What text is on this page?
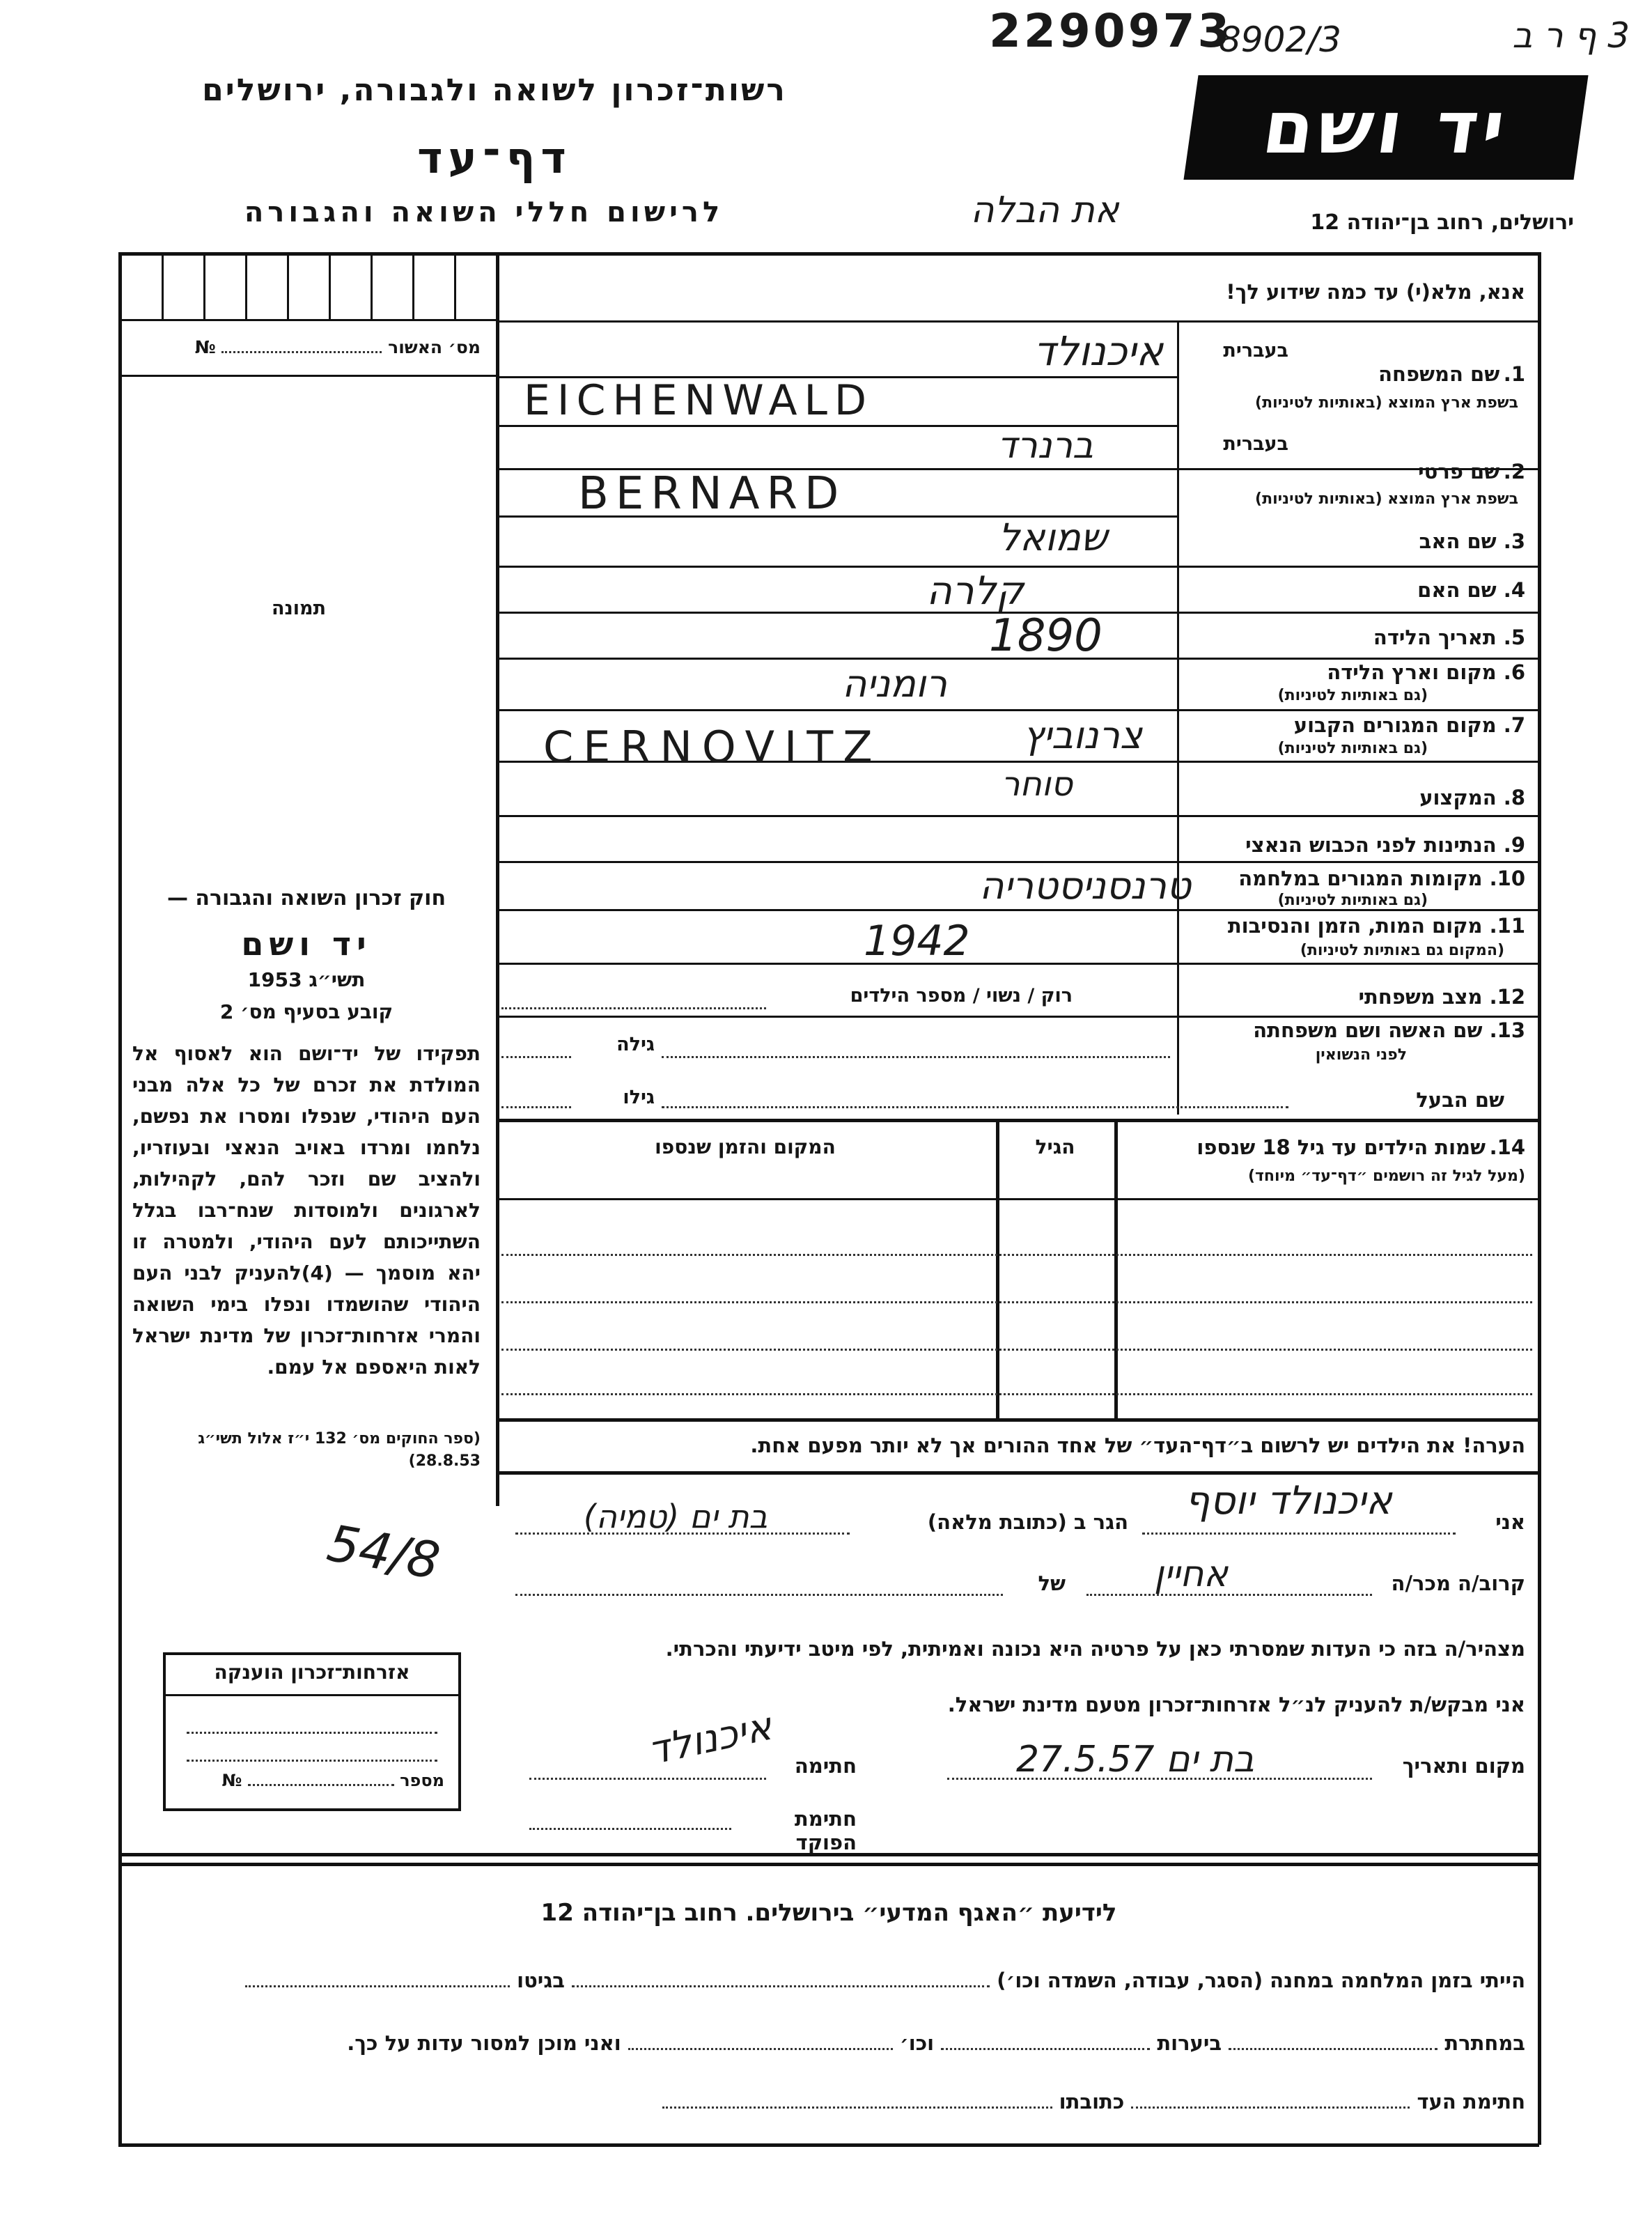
2290973
8902/3	3 ף ר ב
רשות־זכרון לשואה ולגבורה, ירושלים
דף־עד
לרישום חללי השואה והגבורה	את הבלה
יד ושם
ירושלים, רחוב בן־יהודה 12
אנא, מלא(י) עד כמה שידוע לך!
מס׳ האשור  №
תמונה
בעברית
1. שם המשפחה
בשפת ארץ המוצא (באותיות לטיניות)
איכנולד
EICHENWALD
בעברית
2. שם פרטי
בשפת ארץ המוצא (באותיות לטיניות)
ברנרד
BERNARD
3. שם האב
שמואל
4. שם האם
קלרה
5. תאריך הלידה
1890
6. מקום וארץ הלידה
(גם באותיות לטיניות)
רומניה
7. מקום המגורים הקבוע
(גם באותיות לטיניות)
צרנוביץ
CERNOVITZ
8. המקצוע
סוחר
9. הנתינות לפני הכבוש הנאצי
10. מקומות המגורים במלחמה
(גם באותיות לטיניות)
טרנסניסטריה
11. מקום המות, הזמן והנסיבות
(המקום גם באותיות לטיניות)
1942
12. מצב משפחתי
רוק / נשוי / מספר הילדים
13. שם האשה ושם משפחתה
לפני הנשואין
גילה
שם הבעל
גילו
14. שמות הילדים עד גיל 18 שנספו
(מעל לגיל זה רושמים ״דף־עד״ מיוחד)
הגיל
המקום והזמן שנספו
הערה! את הילדים יש לרשום ב״דף־העד״ של אחד ההורים אך לא יותר מפעם אחת.
חוק זכרון השואה והגבורה —
יד ושם
תשי״ג 1953
קובע בסעיף מס׳ 2
תפקידו של יד־ושם הוא לאסוף אל המולדת את זכרם של כל אלה מבני העם היהודי, שנפלו ומסרו את נפשם, נלחמו ומרדו באויב הנאצי ובעוזריו, ולהציב שם וזכר להם, לקהילות, לארגונים ולמוסדות שנח־רבו בגלל השתייכותם לעם היהודי, ולמטרה זו יהא מוסמך — (4)להעניק לבני העם היהודי שהושמדו ונפלו בימי השואה והמרי אזרחות־זכרון של מדינת ישראל לאות היאספם אל עמם.
(ספר החוקים מס׳ 132 י״ז אלול תשי״ג 28.8.53)
אני
איכנולד יוסף
הגר ב (כתובת מלאה)
בת ים (טמיה)
קרוב/ה מכר/ה
אחיין
של
מצהיר/ה בזה כי העדות שמסרתי כאן על פרטיה היא נכונה ואמיתית, לפי מיטב ידיעתי והכרתי.
אני מבקש/ת להעניק לנ״ל אזרחות־זכרון מטעם מדינת ישראל.
מקום ותאריך
בת ים 27.5.57
חתימה
איכנולד
חתימת הפוקד
54/8
אזרחות־זכרון הוענקה
מספר  №
לידיעת ״האגף המדעי״ בירושלים. רחוב בן־יהודה 12
הייתי בזמן המלחמה במחנה (הסגר, עבודה, השמדה וכו׳)  בגיטו
במחתרת  ביערות  וכו׳  ואני מוכן למסור עדות על כך.
חתימת העד  כתובתו
